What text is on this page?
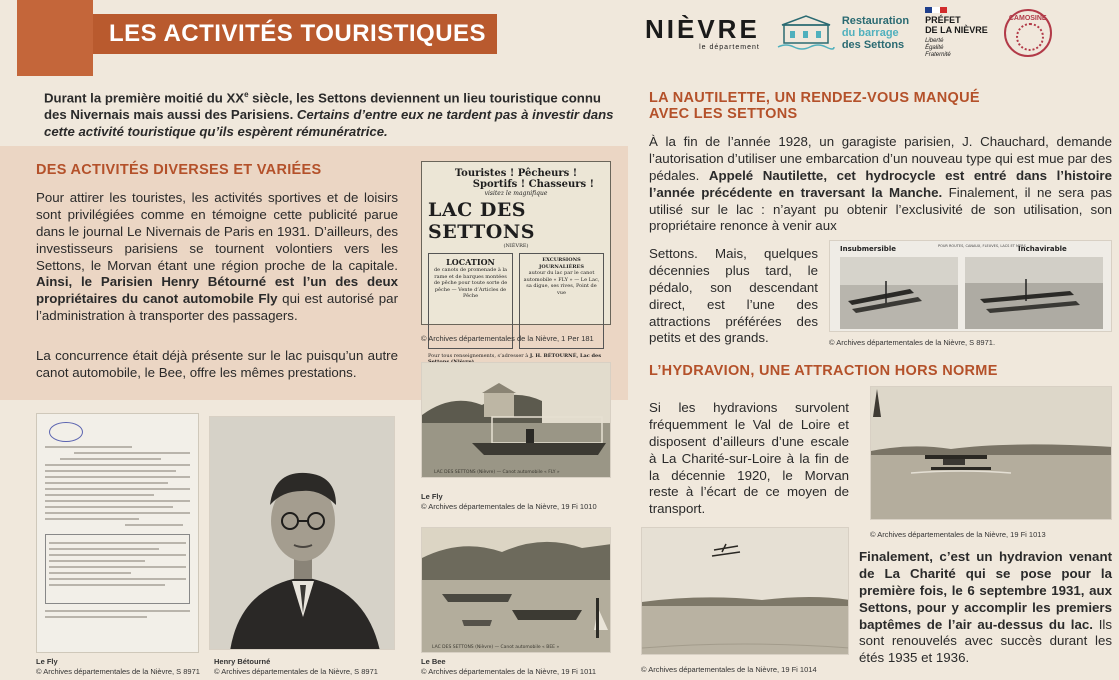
LES ACTIVITÉS TOURISTIQUES	NIÈVRE
le département
Restauration
du barrage
des Settons
PRÉFET
DE LA NIÈVRE
Liberté
Égalité
Fraternité
CAMOSINE
Durant la première moitié du XXe siècle, les Settons deviennent un lieu touristique connu des Nivernais mais aussi des Parisiens. Certains d’entre eux ne tardent pas à investir dans cette activité touristique qu’ils espèrent rémunératrice.
DES ACTIVITÉS DIVERSES ET VARIÉES
Pour attirer les touristes, les activités sportives et de loisirs sont privilégiées comme en témoigne cette publicité parue dans le journal Le Nivernais de Paris en 1931. D’ailleurs, des investisseurs parisiens se tournent volontiers vers les Settons, le Morvan étant une région proche de la capitale. Ainsi, le Parisien Henry Bétourné est l’un des deux propriétaires du canot automobile Fly qui est autorisé par l’administration à transporter des passagers.
La concurrence était déjà présente sur le lac puisqu’un autre canot automobile, le Bee, offre les mêmes prestations.
Touristes ! Pêcheurs !
Sportifs ! Chasseurs !
visitez le magnifique
LAC DES SETTONS
(NIÈVRE)
LOCATION
de canots de promenade à la rame et de barques montées de pêche pour toute sorte de pêche — Vente d’Articles de Pêche
EXCURSIONS JOURNALIÈRES
autour du lac par le canot automobile « FLY » — Le Lac, sa digue, ses rives, Point de vue
Pour tous renseignements, s’adresser à J. H. BÉTOURNÉ, Lac des
© Archives départementales de la Nièvre, 1 Per 181
LAC DES SETTONS (Nièvre) — Canot automobile « FLY »
Le Fly
© Archives départementales de la Nièvre, 19 Fi 1010
LAC DES SETTONS (Nièvre) — Canot automobile « BEE »
Le Bee
© Archives départementales de la Nièvre, 19 Fi 1011
Le Fly
© Archives départementales de la Nièvre, S 8971
Henry Bétourné
© Archives départementales de la Nièvre, S 8971
LA NAUTILETTE, UN RENDEZ-VOUS MANQUÉ
AVEC LES SETTONS
À la fin de l’année 1928, un garagiste parisien, J. Chauchard, demande l’autorisation d’utiliser une embarcation d’un nouveau type qui est mue par des pédales. Appelé Nautilette, cet hydrocycle est entré dans l’histoire l’année précédente en traversant la Manche. Finalement, il ne sera pas utilisé sur le lac : n’ayant pu obtenir l’exclusivité de son utilisation, son propriétaire renonce à venir aux
Settons. Mais, quelques décennies plus tard, le pédalo, son descendant direct, est l’une des attractions préférées des petits et des grands.
Insubmersible	POUR ROUTES, CANAUX, FLEUVES, LACS ET MERS
Inchavirable
© Archives départementales de la Nièvre, S 8971.
L’HYDRAVION, UNE ATTRACTION HORS NORME
Si les hydravions survolent fréquemment le Val de Loire et disposent d’ailleurs d’une escale à La Charité-sur-Loire à la fin de la décennie 1920, le Morvan reste à l’écart de ce moyen de transport.
© Archives départementales de la Nièvre, 19 Fi 1013
© Archives départementales de la Nièvre, 19 Fi 1014
Finalement, c’est un hydravion venant de La Charité qui se pose pour la première fois, le 6 septembre 1931, aux Settons, pour y accomplir les premiers baptêmes de l’air au-dessus du lac. Ils sont renouvelés avec succès durant les étés 1935 et 1936.
